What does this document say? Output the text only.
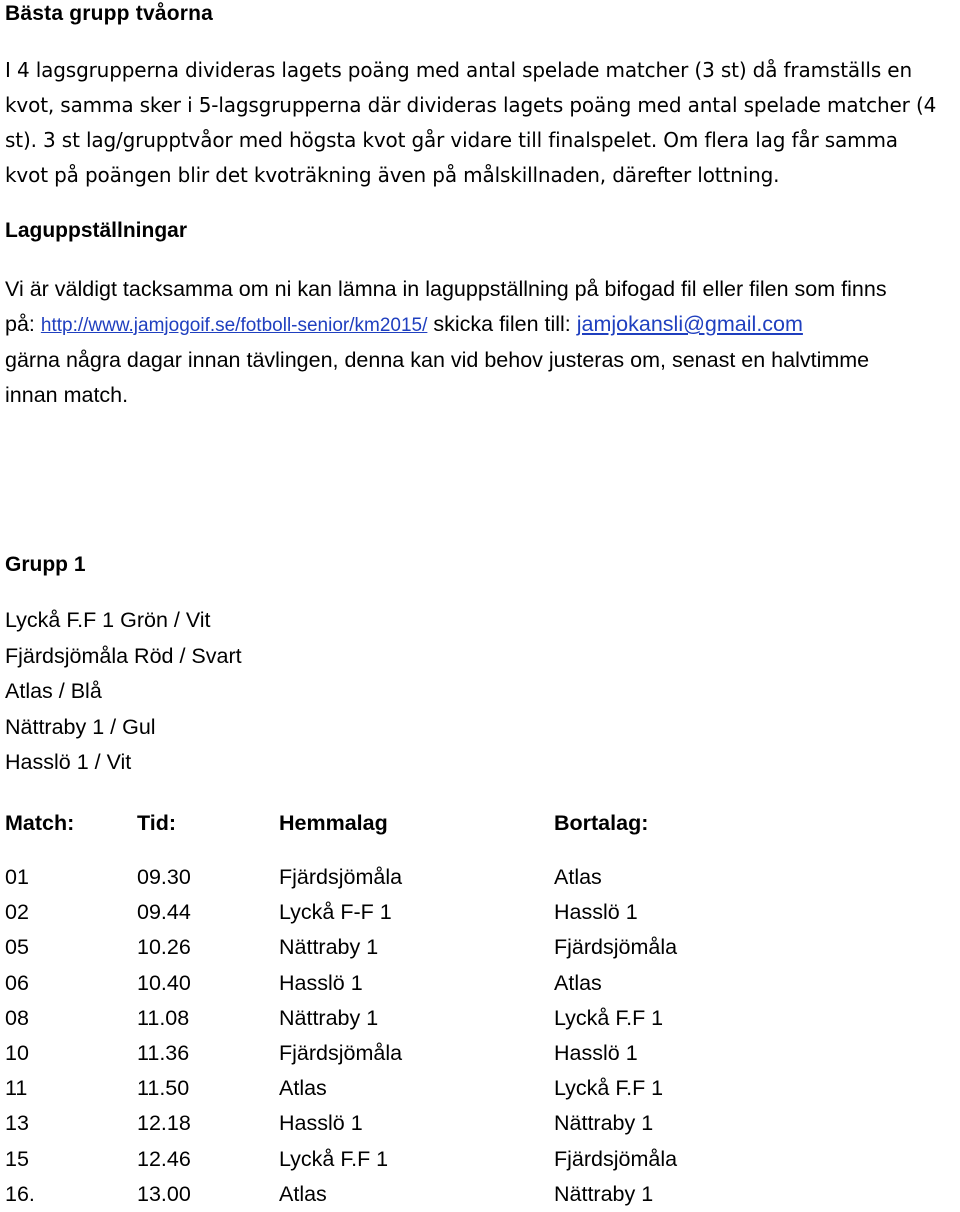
Bästa grupp tvåorna
I 4 lagsgrupperna divideras lagets poäng med antal spelade matcher (3 st) då framställs en
kvot, samma sker i 5-lagsgrupperna där divideras lagets poäng med antal spelade matcher (4
st). 3 st lag/grupptvåor med högsta kvot går vidare till finalspelet. Om flera lag får samma
kvot på poängen blir det kvoträkning även på målskillnaden, därefter lottning.
Laguppställningar
Vi är väldigt tacksamma om ni kan lämna in laguppställning på bifogad fil eller filen som finns
på: http://www.jamjogoif.se/fotboll-senior/km2015/ skicka filen till: jamjokansli@gmail.com
gärna några dagar innan tävlingen, denna kan vid behov justeras om, senast en halvtimme
innan match.
Grupp 1
Lyckå F.F 1 Grön / Vit
Fjärdsjömåla Röd / Svart
Atlas / Blå
Nättraby 1 / Gul
Hasslö 1 / Vit
Match:	Tid:	Hemmalag	Bortalag:

01	09.30	Fjärdsjömåla	Atlas
02	09.44	Lyckå F-F 1	Hasslö 1
05	10.26	Nättraby 1	Fjärdsjömåla
06	10.40	Hasslö 1	Atlas
08	11.08	Nättraby 1	Lyckå F.F 1
10	11.36	Fjärdsjömåla	Hasslö 1
11	11.50	Atlas	Lyckå F.F 1
13	12.18	Hasslö 1	Nättraby 1
15	12.46	Lyckå F.F 1	Fjärdsjömåla
16.	13.00	Atlas	Nättraby 1
